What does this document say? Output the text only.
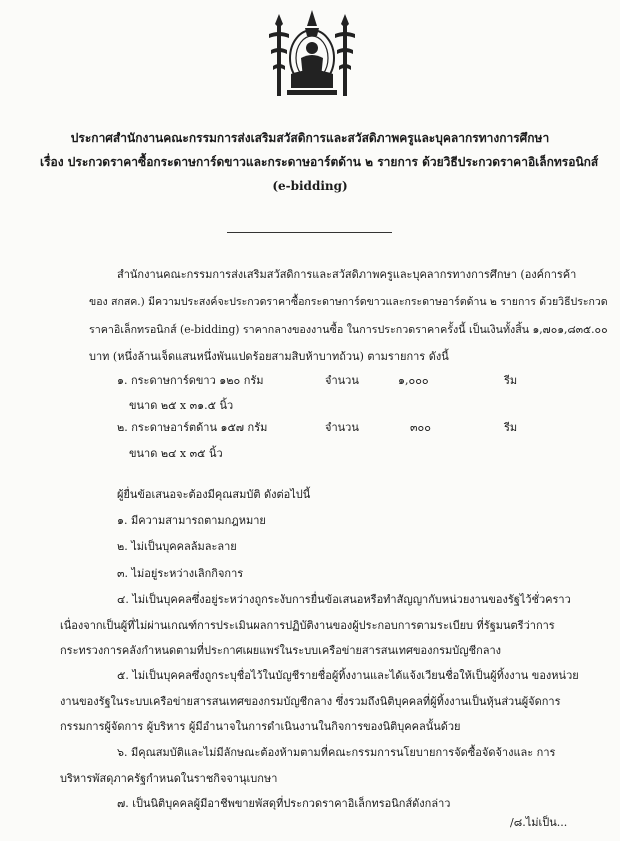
ประกาศสำนักงานคณะกรรมการส่งเสริมสวัสดิการและสวัสดิภาพครูและบุคลากรทางการศึกษา
เรื่อง ประกวดราคาซื้อกระดาษการ์ดขาวและกระดาษอาร์ตด้าน ๒ รายการ ด้วยวิธีประกวดราคาอิเล็กทรอนิกส์
(e-bidding)
สำนักงานคณะกรรมการส่งเสริมสวัสดิการและสวัสดิภาพครูและบุคลากรทางการศึกษา (องค์การค้า
ของ สกสค.) มีความประสงค์จะประกวดราคาซื้อกระดาษการ์ดขาวและกระดาษอาร์ตด้าน ๒ รายการ ด้วยวิธีประกวด
ราคาอิเล็กทรอนิกส์ (e-bidding) ราคากลางของงานซื้อ ในการประกวดราคาครั้งนี้ เป็นเงินทั้งสิ้น ๑,๗๐๑,๘๓๕.๐๐
บาท (หนึ่งล้านเจ็ดแสนหนึ่งพันแปดร้อยสามสิบห้าบาทถ้วน) ตามรายการ ดังนี้
๑. กระดาษการ์ดขาว ๑๒๐ กรัม	จำนวน	๑,๐๐๐	รีม
ขนาด ๒๕ x ๓๑.๕ นิ้ว
๒. กระดาษอาร์ตด้าน ๑๕๗ กรัม	จำนวน	๓๐๐	รีม
ขนาด ๒๔ x ๓๕ นิ้ว
ผู้ยื่นข้อเสนอจะต้องมีคุณสมบัติ ดังต่อไปนี้
๑. มีความสามารถตามกฎหมาย
๒. ไม่เป็นบุคคลล้มละลาย
๓. ไม่อยู่ระหว่างเลิกกิจการ
๔. ไม่เป็นบุคคลซึ่งอยู่ระหว่างถูกระงับการยื่นข้อเสนอหรือทำสัญญากับหน่วยงานของรัฐไว้ชั่วคราว
เนื่องจากเป็นผู้ที่ไม่ผ่านเกณฑ์การประเมินผลการปฏิบัติงานของผู้ประกอบการตามระเบียบ ที่รัฐมนตรีว่าการ
กระทรวงการคลังกำหนดตามที่ประกาศเผยแพร่ในระบบเครือข่ายสารสนเทศของกรมบัญชีกลาง
๕. ไม่เป็นบุคคลซึ่งถูกระบุชื่อไว้ในบัญชีรายชื่อผู้ทิ้งงานและได้แจ้งเวียนชื่อให้เป็นผู้ทิ้งงาน ของหน่วย
งานของรัฐในระบบเครือข่ายสารสนเทศของกรมบัญชีกลาง ซึ่งรวมถึงนิติบุคคลที่ผู้ทิ้งงานเป็นหุ้นส่วนผู้จัดการ
กรรมการผู้จัดการ ผู้บริหาร ผู้มีอำนาจในการดำเนินงานในกิจการของนิติบุคคลนั้นด้วย
๖. มีคุณสมบัติและไม่มีลักษณะต้องห้ามตามที่คณะกรรมการนโยบายการจัดซื้อจัดจ้างและ การ
บริหารพัสดุภาครัฐกำหนดในราชกิจจานุเบกษา
๗. เป็นนิติบุคคลผู้มีอาชีพขายพัสดุที่ประกวดราคาอิเล็กทรอนิกส์ดังกล่าว
/๘.ไม่เป็น...
